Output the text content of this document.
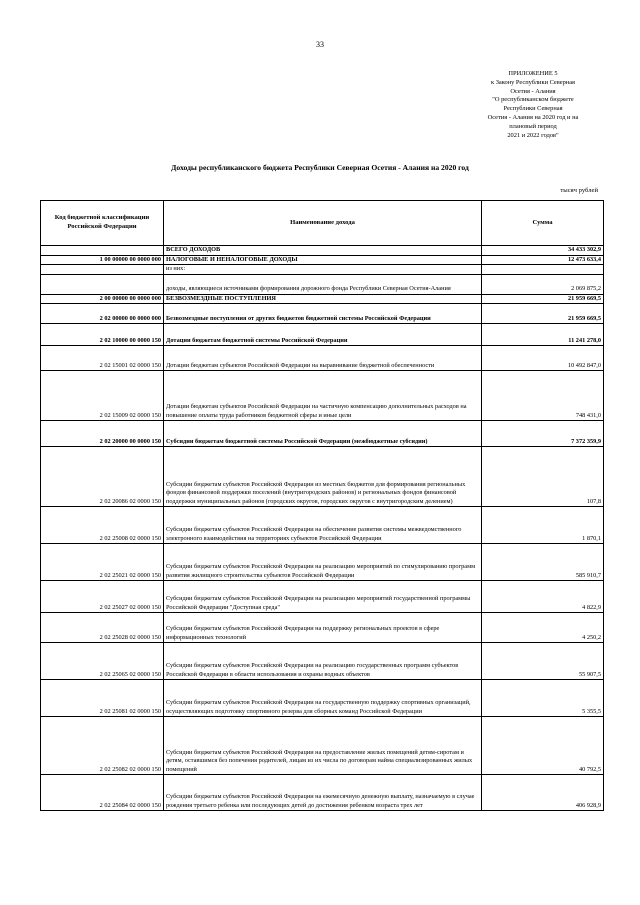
33
ПРИЛОЖЕНИЕ 5
к Закону Республики Северная
Осетия - Алания
"О республиканском бюджете
Республики Северная
Осетия - Алания на 2020 год и на
плановый период
2021 и 2022 годов"
Доходы республиканского бюджета Республики Северная Осетия - Алания на 2020 год
тысяч рублей
Код бюджетной классификации Российской Федерации	Наименование дохода	Сумма
	ВСЕГО ДОХОДОВ	34 433 302,9
1 00 00000 00 0000 000	НАЛОГОВЫЕ И НЕНАЛОГОВЫЕ ДОХОДЫ	12 473 633,4
	из них:	
	доходы, являющиеся источниками формирования дорожного фонда Республики Северная Осетия-Алания	2 069 875,2
2 00 00000 00 0000 000	БЕЗВОЗМЕЗДНЫЕ ПОСТУПЛЕНИЯ	21 959 669,5
2 02 00000 00 0000 000	Безвозмездные поступления от других бюджетов бюджетной системы Российской Федерации	21 959 669,5
2 02 10000 00 0000 150	Дотации бюджетам бюджетной системы Российской Федерации	11 241 278,0
2 02 15001 02 0000 150	Дотации бюджетам субъектов Российской Федерации на выравнивание бюджетной обеспеченности	10 492 847,0
2 02 15009 02 0000 150	Дотации бюджетам субъектов Российской Федерации на частичную компенсацию дополнительных расходов на повышение оплаты труда работников бюджетной сферы и иные цели	748 431,0
2 02 20000 00 0000 150	Субсидии бюджетам бюджетной системы Российской Федерации (межбюджетные субсидии)	7 372 359,9
2 02 20086 02 0000 150	Субсидии бюджетам субъектов Российской Федерации из местных бюджетов для формирования региональных фондов финансовой поддержки поселений (внутригородских районов) и региональных фондов финансовой поддержки муниципальных районов (городских округов, городских округов с внутригородским делением)	107,8
2 02 25008 02 0000 150	Субсидии бюджетам субъектов Российской Федерации на обеспечение развития системы межведомственного электронного взаимодействия на территориях субъектов Российской Федерации	1 870,1
2 02 25021 02 0000 150	Субсидии бюджетам субъектов Российской Федерации на реализацию мероприятий по стимулированию программ развития жилищного строительства субъектов Российской Федерации	585 910,7
2 02 25027 02 0000 150	Субсидии бюджетам субъектов Российской Федерации на реализацию мероприятий государственной программы Российской Федерации "Доступная среда"	4 822,9
2 02 25028 02 0000 150	Субсидии бюджетам субъектов Российской Федерации на поддержку региональных проектов в сфере информационных технологий	4 250,2
2 02 25065 02 0000 150	Субсидии бюджетам субъектов Российской Федерации на реализацию государственных программ субъектов Российской Федерации в области использования и охраны водных объектов	55 907,5
2 02 25081 02 0000 150	Субсидии бюджетам субъектов Российской Федерации на государственную поддержку спортивных организаций, осуществляющих подготовку спортивного резерва для сборных команд Российской Федерации	5 355,5
2 02 25082 02 0000 150	Субсидии бюджетам субъектов Российской Федерации на предоставление жилых помещений детям-сиротам и детям, оставшимся без попечения родителей, лицам из их числа по договорам найма специализированных жилых помещений	40 792,5
2 02 25084 02 0000 150	Субсидии бюджетам субъектов Российской Федерации на ежемесячную денежную выплату, назначаемую в случае рождения третьего ребенка или последующих детей до достижения ребенком возраста трех лет	406 928,9
